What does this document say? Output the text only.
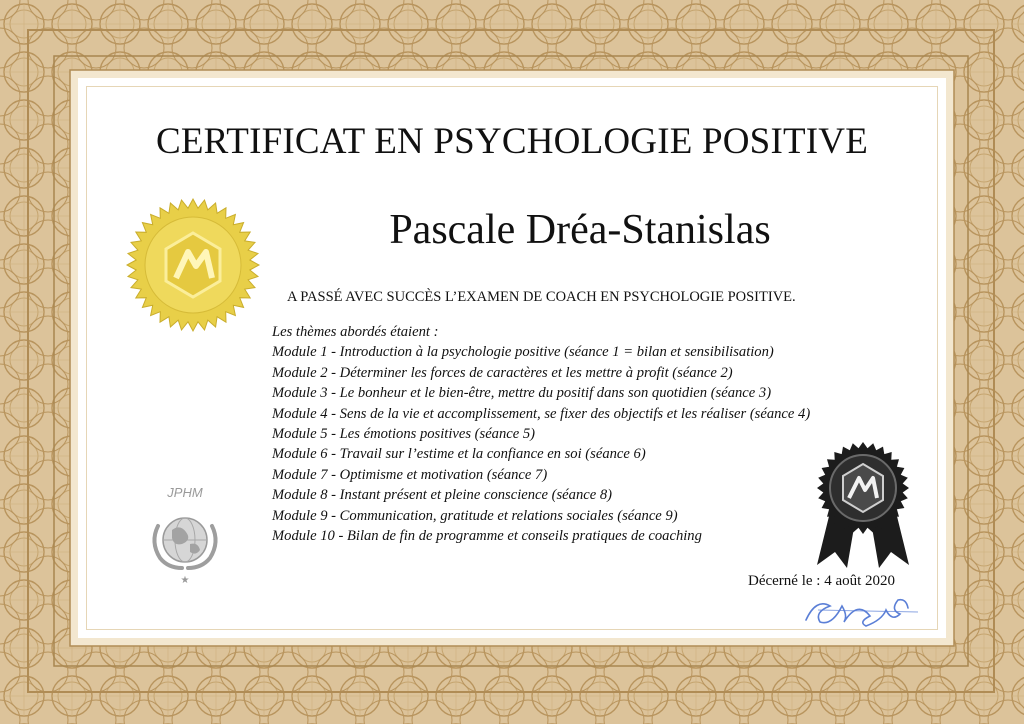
CERTIFICAT EN PSYCHOLOGIE POSITIVE
Pascale Dréa-Stanislas
A PASSÉ AVEC SUCCÈS L’EXAMEN DE COACH EN PSYCHOLOGIE POSITIVE.
Les thèmes abordés étaient :
Module 1 - Introduction à la psychologie positive (séance 1 = bilan et sensibilisation)
Module 2 - Déterminer les forces de caractères et les mettre à profit (séance 2)
Module 3 - Le bonheur et le bien-être, mettre du positif dans son quotidien (séance 3)
Module 4 - Sens de la vie et accomplissement, se fixer des objectifs et les réaliser (séance 4)
Module 5 - Les émotions positives (séance 5)
Module 6 - Travail sur l’estime et la confiance en soi (séance 6)
Module 7 - Optimisme et motivation (séance 7)
Module 8 - Instant présent et pleine conscience (séance 8)
Module 9 - Communication, gratitude et relations sociales (séance 9)
Module 10 - Bilan de fin de programme et conseils pratiques de coaching
JPHM
★	Décerné le : 4 août 2020
